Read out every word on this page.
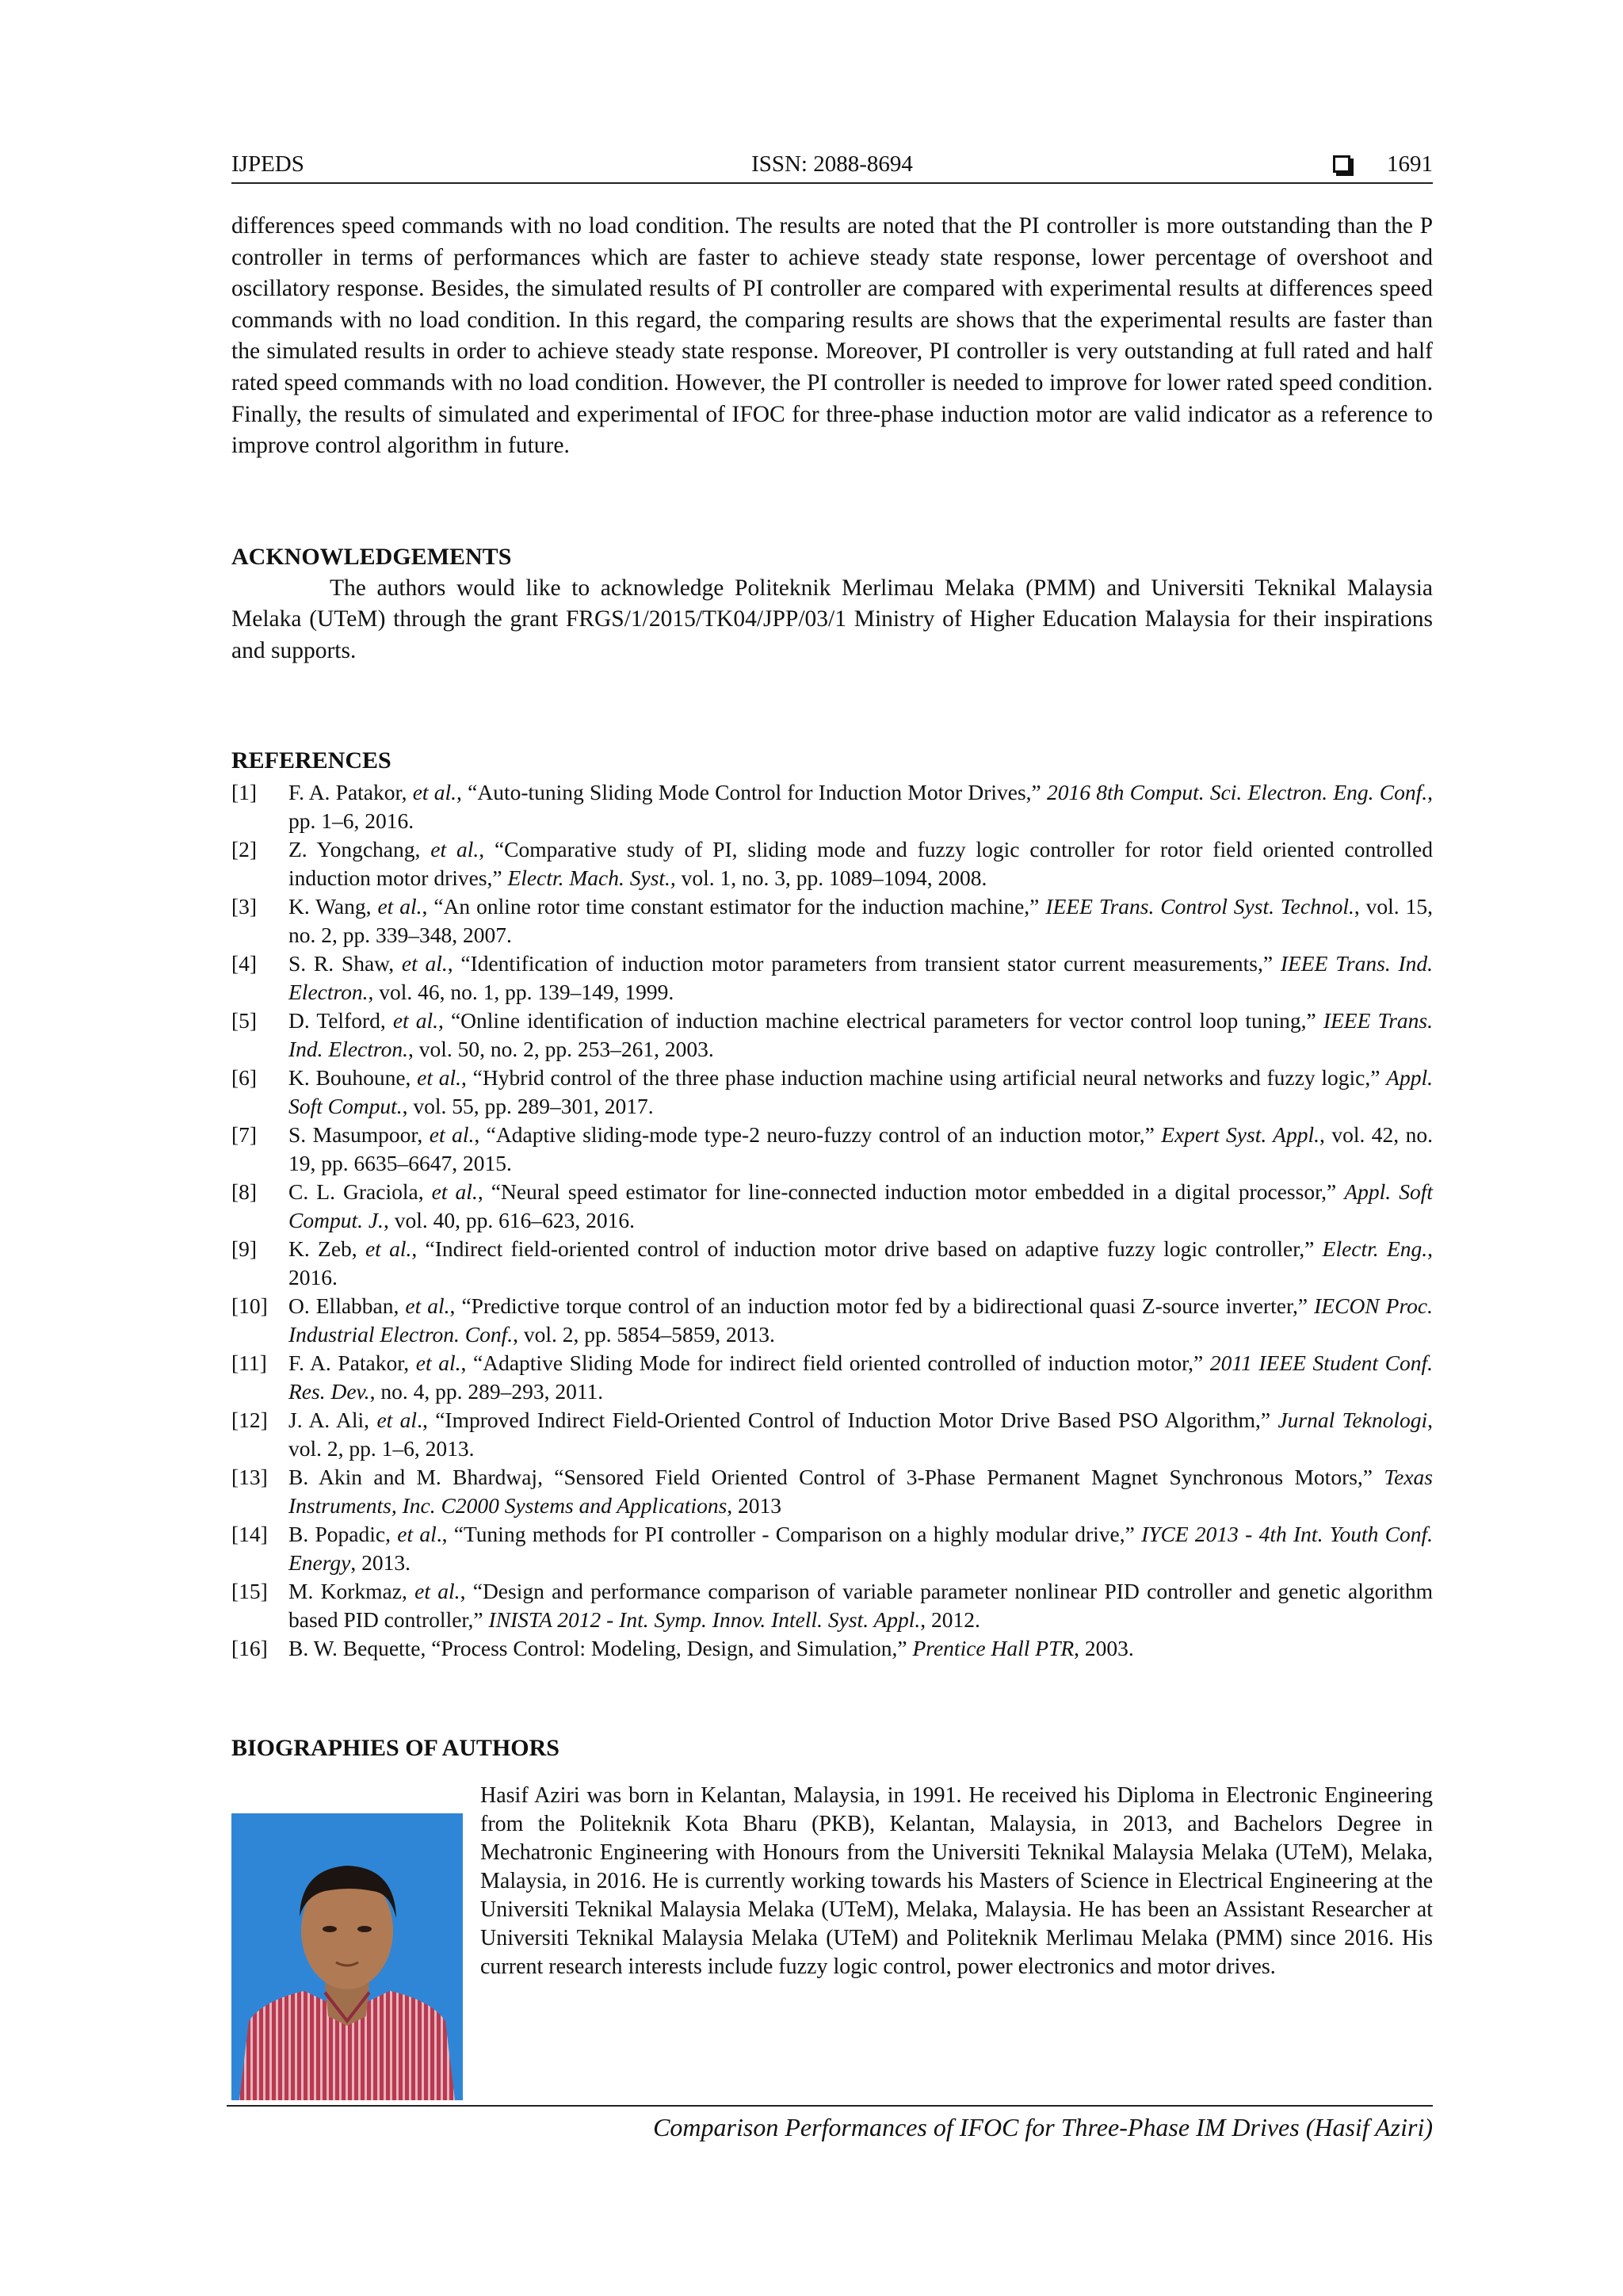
IJPEDS	ISSN: 2088-8694	1691

differences speed commands with no load condition. The results are noted that the PI controller is more outstanding than the P controller in terms of performances which are faster to achieve steady state response, lower percentage of overshoot and oscillatory response. Besides, the simulated results of PI controller are compared with experimental results at differences speed commands with no load condition. In this regard, the comparing results are shows that the experimental results are faster than the simulated results in order to achieve steady state response. Moreover, PI controller is very outstanding at full rated and half rated speed commands with no load condition. However, the PI controller is needed to improve for lower rated speed condition. Finally, the results of simulated and experimental of IFOC for three-phase induction motor are valid indicator as a reference to improve control algorithm in future.

ACKNOWLEDGEMENTS

The authors would like to acknowledge Politeknik Merlimau Melaka (PMM) and Universiti Teknikal Malaysia Melaka (UTeM) through the grant FRGS/1/2015/TK04/JPP/03/1 Ministry of Higher Education Malaysia for their inspirations and supports.

REFERENCES
[1]	F. A. Patakor, et al., “Auto-tuning Sliding Mode Control for Induction Motor Drives,” 2016 8th Comput. Sci. Electron. Eng. Conf., pp. 1–6, 2016.
[2]	Z. Yongchang, et al., “Comparative study of PI, sliding mode and fuzzy logic controller for rotor field oriented controlled induction motor drives,” Electr. Mach. Syst., vol. 1, no. 3, pp. 1089–1094, 2008.
[3]	K. Wang, et al., “An online rotor time constant estimator for the induction machine,” IEEE Trans. Control Syst. Technol., vol. 15, no. 2, pp. 339–348, 2007.
[4]	S. R. Shaw, et al., “Identification of induction motor parameters from transient stator current measurements,” IEEE Trans. Ind. Electron., vol. 46, no. 1, pp. 139–149, 1999.
[5]	D. Telford, et al., “Online identification of induction machine electrical parameters for vector control loop tuning,” IEEE Trans. Ind. Electron., vol. 50, no. 2, pp. 253–261, 2003.
[6]	K. Bouhoune, et al., “Hybrid control of the three phase induction machine using artificial neural networks and fuzzy logic,” Appl. Soft Comput., vol. 55, pp. 289–301, 2017.
[7]	S. Masumpoor, et al., “Adaptive sliding-mode type-2 neuro-fuzzy control of an induction motor,” Expert Syst. Appl., vol. 42, no. 19, pp. 6635–6647, 2015.
[8]	C. L. Graciola, et al., “Neural speed estimator for line-connected induction motor embedded in a digital processor,” Appl. Soft Comput. J., vol. 40, pp. 616–623, 2016.
[9]	K. Zeb, et al., “Indirect field-oriented control of induction motor drive based on adaptive fuzzy logic controller,” Electr. Eng., 2016.
[10] O. Ellabban, et al., “Predictive torque control of an induction motor fed by a bidirectional quasi Z-source inverter,” IECON Proc. Industrial Electron. Conf., vol. 2, pp. 5854–5859, 2013.
[11] F. A. Patakor, et al., “Adaptive Sliding Mode for indirect field oriented controlled of induction motor,” 2011 IEEE Student Conf. Res. Dev., no. 4, pp. 289–293, 2011.
[12] J. A. Ali, et al., “Improved Indirect Field-Oriented Control of Induction Motor Drive Based PSO Algorithm,” Jurnal Teknologi, vol. 2, pp. 1–6, 2013.
[13] B. Akin and M. Bhardwaj, “Sensored Field Oriented Control of 3-Phase Permanent Magnet Synchronous Motors,” Texas Instruments, Inc. C2000 Systems and Applications, 2013
[14] B. Popadic, et al., “Tuning methods for PI controller - Comparison on a highly modular drive,” IYCE 2013 - 4th Int. Youth Conf. Energy, 2013.
[15] M. Korkmaz, et al., “Design and performance comparison of variable parameter nonlinear PID controller and genetic algorithm based PID controller,” INISTA 2012 - Int. Symp. Innov. Intell. Syst. Appl., 2012.
[16] B. W. Bequette, “Process Control: Modeling, Design, and Simulation,” Prentice Hall PTR, 2003.
BIOGRAPHIES OF AUTHORS

Hasif Aziri was born in Kelantan, Malaysia, in 1991. He received his Diploma in Electronic Engineering from the Politeknik Kota Bharu (PKB), Kelantan, Malaysia, in 2013, and Bachelors Degree in Mechatronic Engineering with Honours from the Universiti Teknikal Malaysia Melaka (UTeM), Melaka, Malaysia, in 2016. He is currently working towards his Masters of Science in Electrical Engineering at the Universiti Teknikal Malaysia Melaka (UTeM), Melaka, Malaysia. He has been an Assistant Researcher at Universiti Teknikal Malaysia Melaka (UTeM) and Politeknik Merlimau Melaka (PMM) since 2016. His current research interests include fuzzy logic control, power electronics and motor drives.

Comparison Performances of IFOC for Three-Phase IM Drives (Hasif Aziri)
